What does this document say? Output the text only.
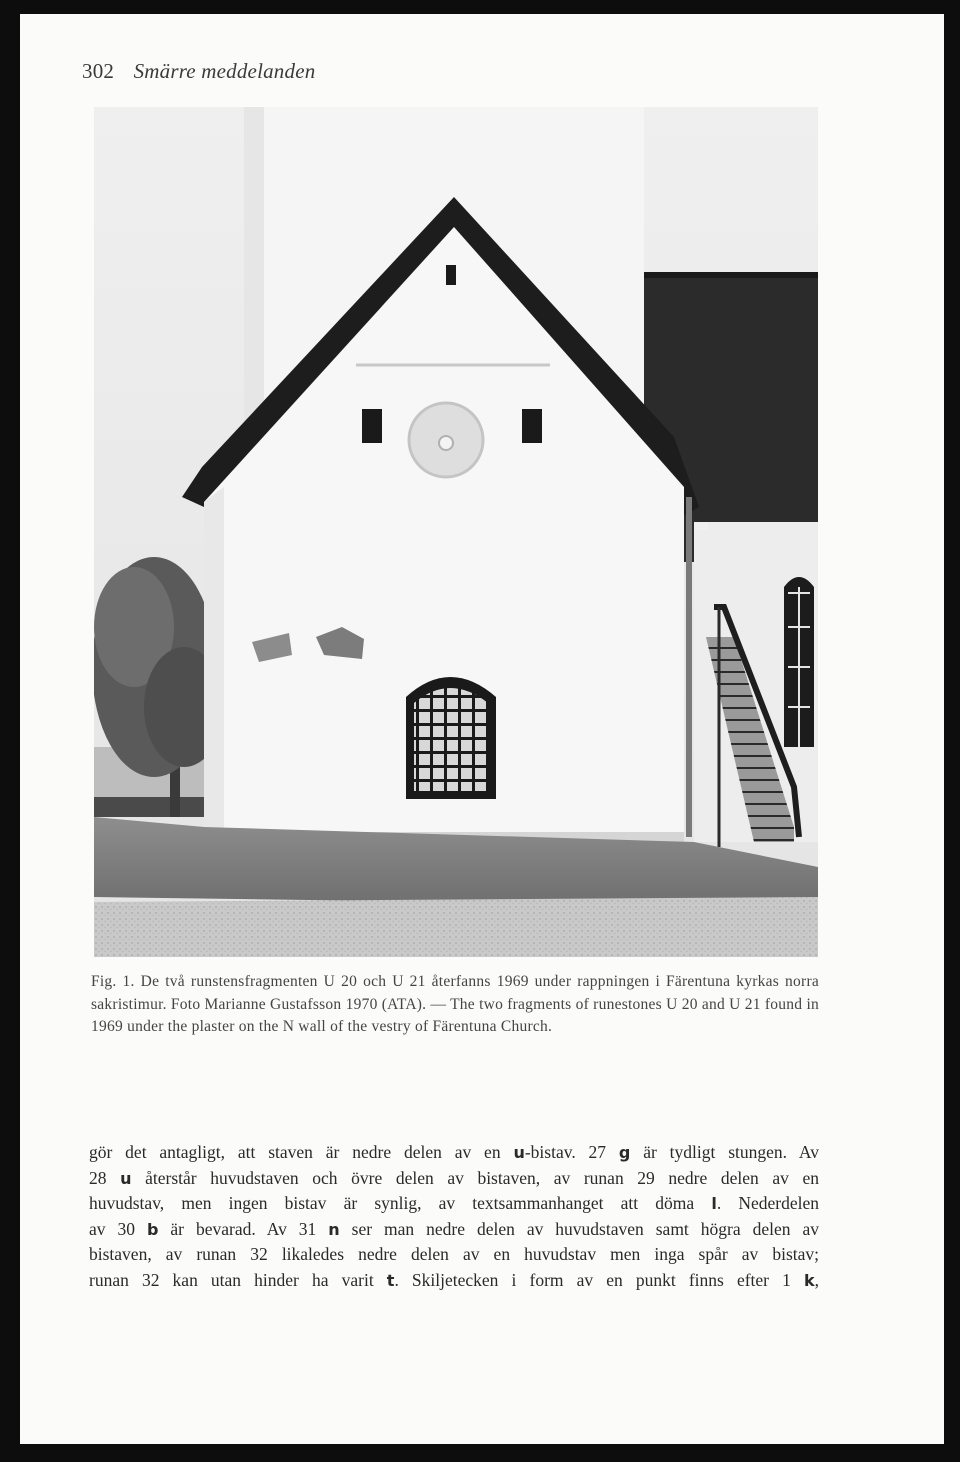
302 Smärre meddelanden
Fig. 1. De två runstensfragmenten U 20 och U 21 återfanns 1969 under rappningen i Färentuna kyrkas norra sakristimur. Foto Marianne Gustafsson 1970 (ATA). — The two fragments of runestones U 20 and U 21 found in 1969 under the plaster on the N wall of the vestry of Färentuna Church.
gör det antagligt, att staven är nedre delen av en u-bistav. 27 g är tydligt stungen. Av
28 u återstår huvudstaven och övre delen av bistaven, av runan 29 nedre delen av en
huvudstav, men ingen bistav är synlig, av textsammanhanget att döma l. Nederdelen
av 30 b är bevarad. Av 31 n ser man nedre delen av huvudstaven samt högra delen av
bistaven, av runan 32 likaledes nedre delen av en huvudstav men inga spår av bistav;
runan 32 kan utan hinder ha varit t. Skiljetecken i form av en punkt finns efter 1 k,
